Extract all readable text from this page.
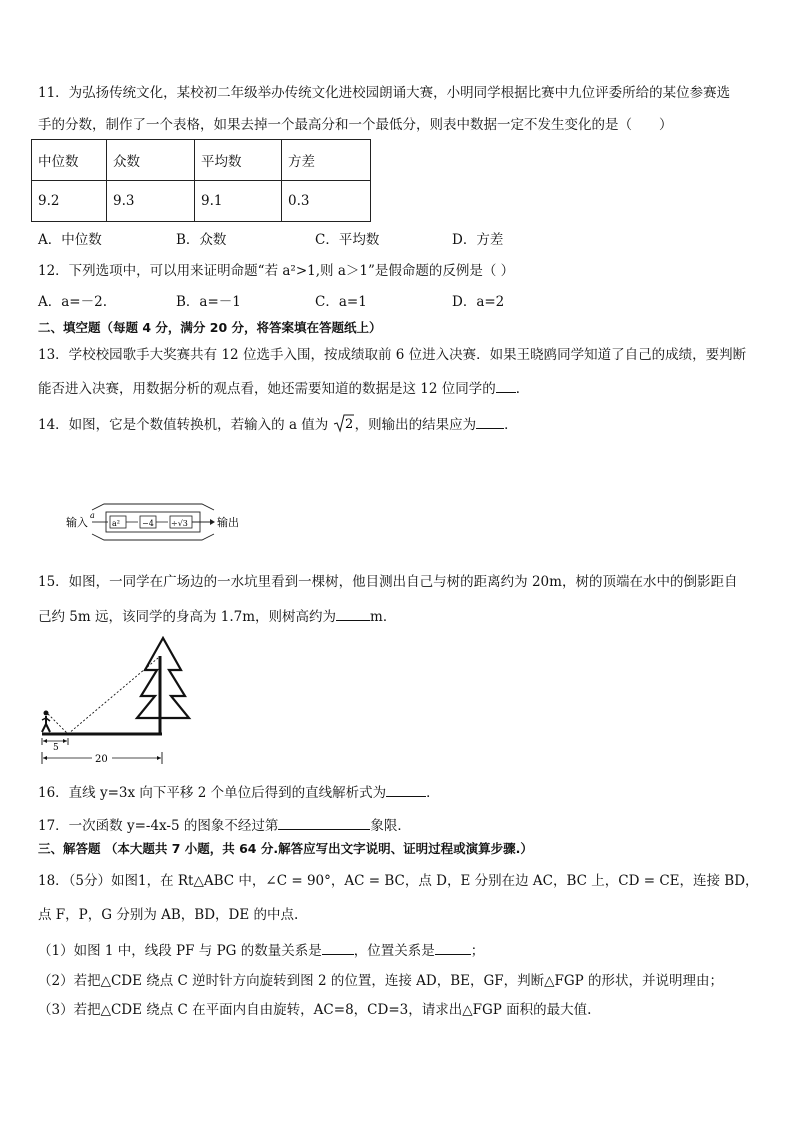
11．为弘扬传统文化，某校初二年级举办传统文化进校园朗诵大赛，小明同学根据比赛中九位评委所给的某位参赛选
手的分数，制作了一个表格，如果去掉一个最高分和一个最低分，则表中数据一定不发生变化的是（　　）
中位数	众数	平均数	方差
9.2	9.3	9.1	0.3
A．中位数	B．众数	C．平均数	D．方差
12．下列选项中，可以用来证明命题“若 a²>1,则 a＞1”是假命题的反例是（ ）
A．a=－2.	B．a=－1	C．a=1	D．a=2
二、填空题（每题 4 分，满分 20 分，将答案填在答题纸上）
13．学校校园歌手大奖赛共有 12 位选手入围，按成绩取前 6 位进入决赛．如果王晓鸥同学知道了自己的成绩，要判断
能否进入决赛，用数据分析的观点看，她还需要知道的数据是这 12 位同学的 ．
14．如图，它是个数值转换机，若输入的 a 值为 2 ，则输出的结果应为 ．
输入
a
a²	−4 ÷√3	输出
15．如图，一同学在广场边的一水坑里看到一棵树，他目测出自己与树的距离约为 20m，树的顶端在水中的倒影距自
己约 5m 远，该同学的身高为 1.7m，则树高约为	m．
5
20
16．直线 y=3x 向下平移 2 个单位后得到的直线解析式为	．
17．一次函数 y=-4x-5 的图象不经过第	象限．
三、解答题 （本大题共 7 小题，共 64 分.解答应写出文字说明、证明过程或演算步骤.）
18．（5分）如图1，在 Rt△ABC 中，∠C = 90°，AC = BC，点 D，E 分别在边 AC，BC 上，CD = CE，连接 BD，
点 F，P，G 分别为 AB，BD，DE 的中点.
（1）如图 1 中，线段 PF 与 PG 的数量关系是 ，位置关系是	；
（2）若把△CDE 绕点 C 逆时针方向旋转到图 2 的位置，连接 AD，BE，GF，判断△FGP 的形状，并说明理由；
（3）若把△CDE 绕点 C 在平面内自由旋转，AC=8，CD=3，请求出△FGP 面积的最大值.
